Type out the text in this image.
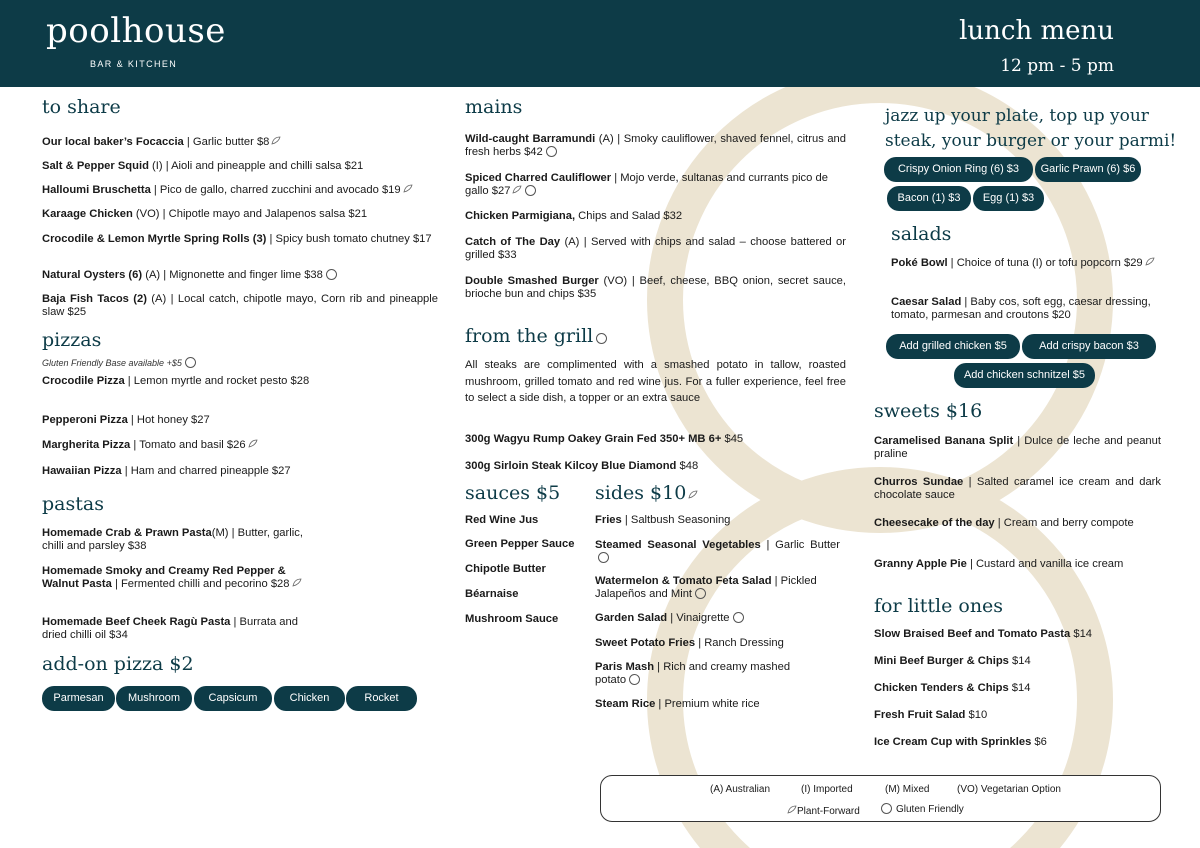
poolhouse
BAR & KITCHEN
lunch menu
12 pm - 5 pm
to share
Our local baker’s Focaccia | Garlic butter $8
Salt & Pepper Squid (I) | Aioli and pineapple and chilli salsa $21
Halloumi Bruschetta | Pico de gallo, charred zucchini and avocado $19
Karaage Chicken (VO) | Chipotle mayo and Jalapenos salsa $21
Crocodile & Lemon Myrtle Spring Rolls (3) | Spicy bush tomato chutney $17
Natural Oysters (6) (A) | Mignonette and finger lime $38
Baja Fish Tacos (2) (A) | Local catch, chipotle mayo, Corn rib and pineapple slaw $25
pizzas
Gluten Friendly Base available +$5
Crocodile Pizza | Lemon myrtle and rocket pesto $28
Pepperoni Pizza | Hot honey $27
Margherita Pizza | Tomato and basil $26
Hawaiian Pizza | Ham and charred pineapple $27
pastas
Homemade Crab & Prawn Pasta(M) | Butter, garlic, chilli and parsley $38
Homemade Smoky and Creamy Red Pepper & Walnut Pasta | Fermented chilli and pecorino $28
Homemade Beef Cheek Ragù Pasta | Burrata and dried chilli oil $34
add-on pizza $2
Parmesan	Mushroom	Capsicum	Chicken	Rocket
mains
Wild-caught Barramundi (A) | Smoky cauliflower, shaved fennel, citrus and fresh herbs $42
Spiced Charred Cauliflower | Mojo verde, sultanas and currants pico de gallo $27
Chicken Parmigiana, Chips and Salad $32
Catch of The Day (A) | Served with chips and salad – choose battered or grilled $33
Double Smashed Burger (VO) | Beef, cheese, BBQ onion, secret sauce, brioche bun and chips $35
from the grill
All steaks are complimented with a smashed potato in tallow, roasted mushroom, grilled tomato and red wine jus. For a fuller experience, feel free to select a side dish, a topper or an extra sauce
300g Wagyu Rump Oakey Grain Fed 350+ MB 6+ $45
300g Sirloin Steak Kilcoy Blue Diamond $48
sauces $5
Red Wine Jus
Green Pepper Sauce
Chipotle Butter
Béarnaise
Mushroom Sauce
sides $10
Fries | Saltbush Seasoning
Steamed Seasonal Vegetables | Garlic Butter
Watermelon & Tomato Feta Salad | Pickled Jalapeños and Mint
Garden Salad | Vinaigrette
Sweet Potato Fries | Ranch Dressing
Paris Mash | Rich and creamy mashed potato
Steam Rice | Premium white rice
jazz up your plate, top up your steak, your burger or your parmi!
Crispy Onion Ring (6) $3	Garlic Prawn (6) $6
Bacon (1) $3	Egg (1) $3
salads
Poké Bowl | Choice of tuna (I) or tofu popcorn $29
Caesar Salad | Baby cos, soft egg, caesar dressing, tomato, parmesan and croutons $20
Add grilled chicken $5	Add crispy bacon $3
Add chicken schnitzel $5
sweets $16
Caramelised Banana Split | Dulce de leche and peanut praline
Churros Sundae | Salted caramel ice cream and dark chocolate sauce
Cheesecake of the day | Cream and berry compote
Granny Apple Pie | Custard and vanilla ice cream
for little ones
Slow Braised Beef and Tomato Pasta $14
Mini Beef Burger & Chips $14
Chicken Tenders & Chips $14
Fresh Fruit Salad $10
Ice Cream Cup with Sprinkles $6
(A) Australian	(I) Imported	(M) Mixed	(VO) Vegetarian Option
Plant-Forward	Gluten Friendly
